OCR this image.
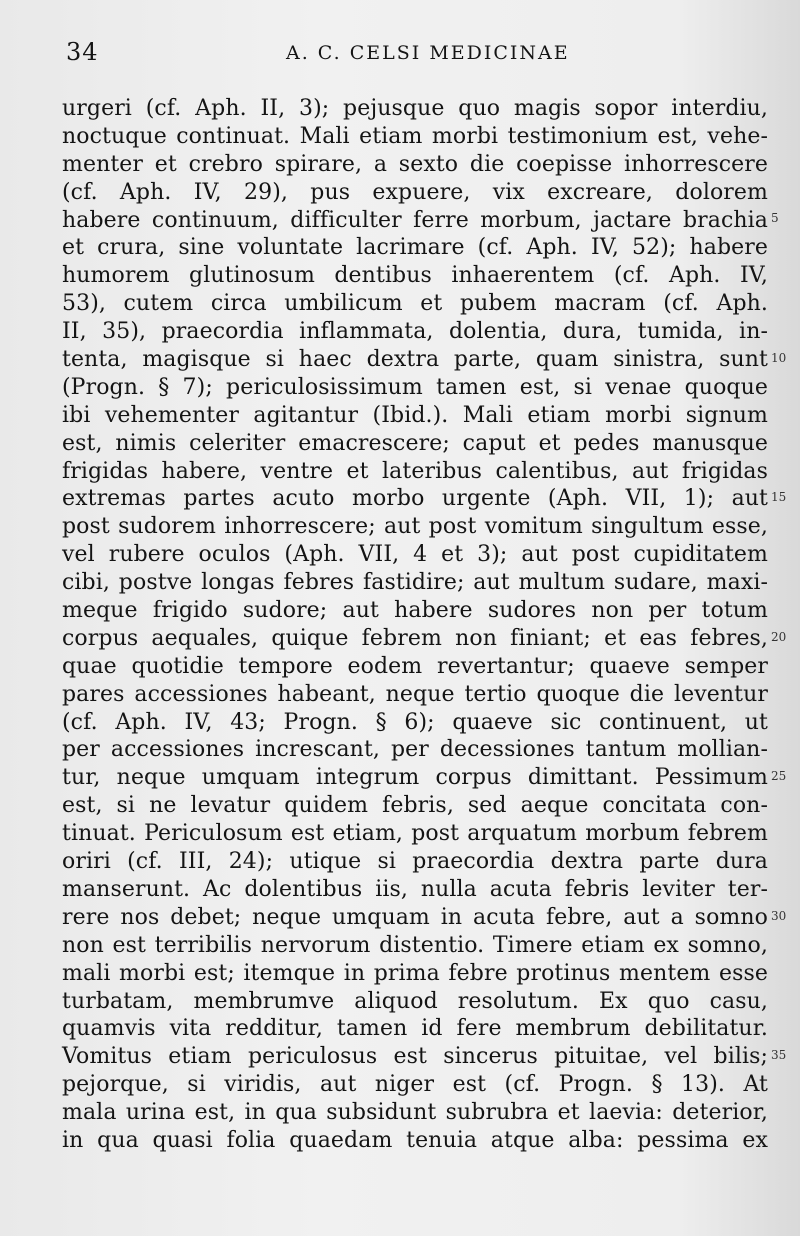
34	A. C. CELSI MEDICINAE
urgeri (cf. Aph. II, 3); pejusque quo magis sopor interdiu,
noctuque continuat. Mali etiam morbi testimonium est, vehe-
menter et crebro spirare, a sexto die coepisse inhorrescere
(cf. Aph. IV, 29), pus expuere, vix excreare, dolorem
habere continuum, difficulter ferre morbum, jactare brachia
et crura, sine voluntate lacrimare (cf. Aph. IV, 52); habere
humorem glutinosum dentibus inhaerentem (cf. Aph. IV,
53), cutem circa umbilicum et pubem macram (cf. Aph.
II, 35), praecordia inflammata, dolentia, dura, tumida, in-
tenta, magisque si haec dextra parte, quam sinistra, sunt
(Progn. § 7); periculosissimum tamen est, si venae quoque
ibi vehementer agitantur (Ibid.). Mali etiam morbi signum
est, nimis celeriter emacrescere; caput et pedes manusque
frigidas habere, ventre et lateribus calentibus, aut frigidas
extremas partes acuto morbo urgente (Aph. VII, 1); aut
post sudorem inhorrescere; aut post vomitum singultum esse,
vel rubere oculos (Aph. VII, 4 et 3); aut post cupiditatem
cibi, postve longas febres fastidire; aut multum sudare, maxi-
meque frigido sudore; aut habere sudores non per totum
corpus aequales, quique febrem non finiant; et eas febres,
quae quotidie tempore eodem revertantur; quaeve semper
pares accessiones habeant, neque tertio quoque die leventur
(cf. Aph. IV, 43; Progn. § 6); quaeve sic continuent, ut
per accessiones increscant, per decessiones tantum mollian-
tur, neque umquam integrum corpus dimittant. Pessimum
est, si ne levatur quidem febris, sed aeque concitata con-
tinuat. Periculosum est etiam, post arquatum morbum febrem
oriri (cf. III, 24); utique si praecordia dextra parte dura
manserunt. Ac dolentibus iis, nulla acuta febris leviter ter-
rere nos debet; neque umquam in acuta febre, aut a somno
non est terribilis nervorum distentio. Timere etiam ex somno,
mali morbi est; itemque in prima febre protinus mentem esse
turbatam, membrumve aliquod resolutum. Ex quo casu,
quamvis vita redditur, tamen id fere membrum debilitatur.
Vomitus etiam periculosus est sincerus pituitae, vel bilis;
pejorque, si viridis, aut niger est (cf. Progn. § 13). At
mala urina est, in qua subsidunt subrubra et laevia: deterior,
in qua quasi folia quaedam tenuia atque alba: pessima ex
5
10
15
20
25
30
35
